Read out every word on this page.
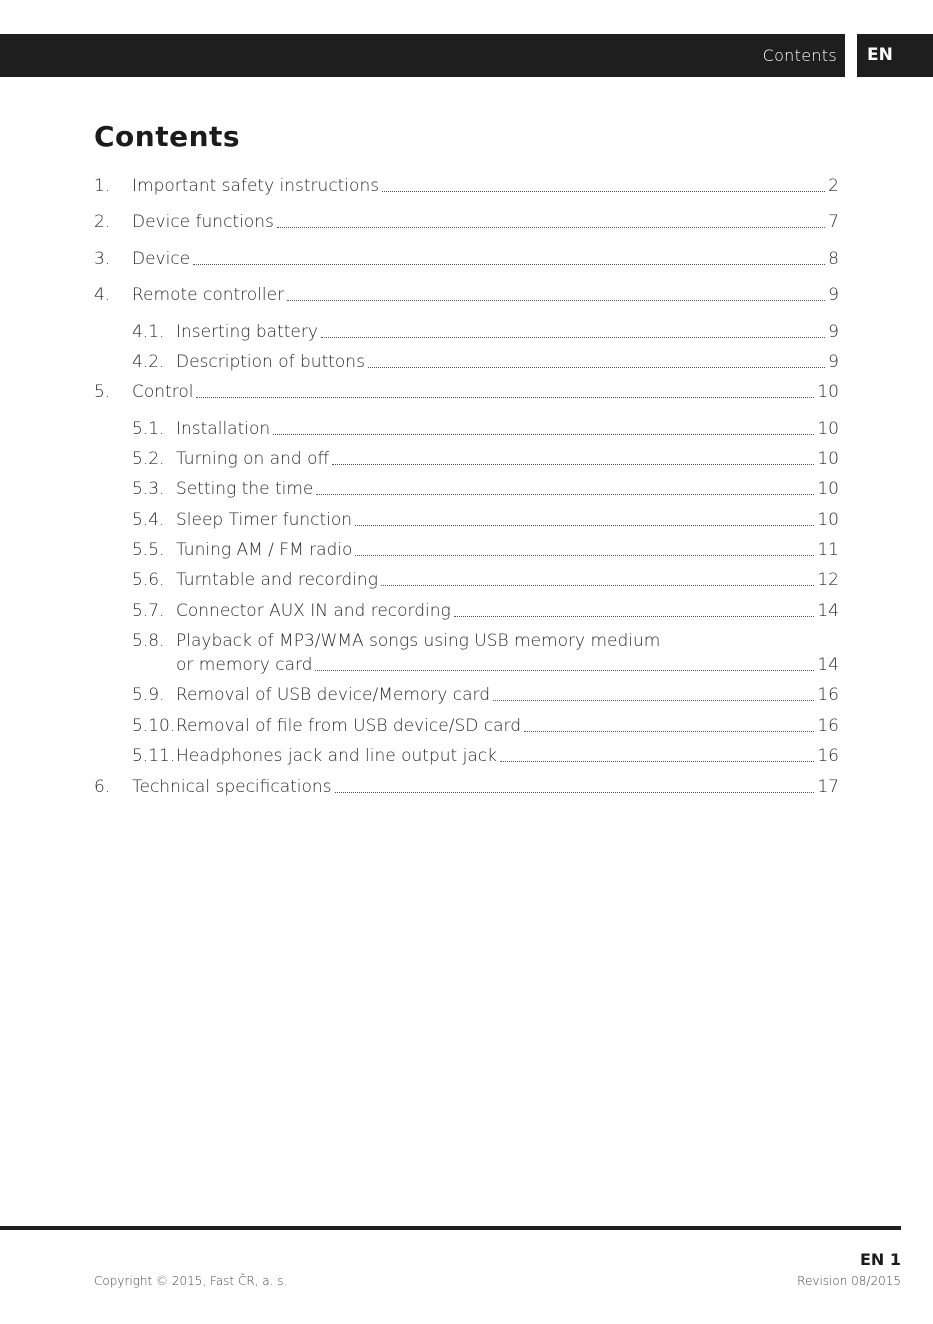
Contents	EN
Contents
1.	Important safety instructions	2
2.	Device functions	7
3.	Device	8
4.	Remote controller	9
4.1. Inserting battery	9
4.2. Description of buttons	9
5.	Control	10
5.1. Installation	10
5.2. Turning on and off	10
5.3. Setting the time	10
5.4. Sleep Timer function	10
5.5. Tuning AM / FM radio	11
5.6. Turntable and recording	12
5.7. Connector AUX IN and recording	14
5.8. Playback of MP3/WMA songs using USB memory medium
or memory card	14
5.9. Removal of USB device/Memory card	16
5.10. Removal of file from USB device/SD card	16
5.11. Headphones jack and line output jack	16
6.	Technical specifications	17
EN 1
Copyright © 2015, Fast ČR, a. s.	Revision 08/2015
